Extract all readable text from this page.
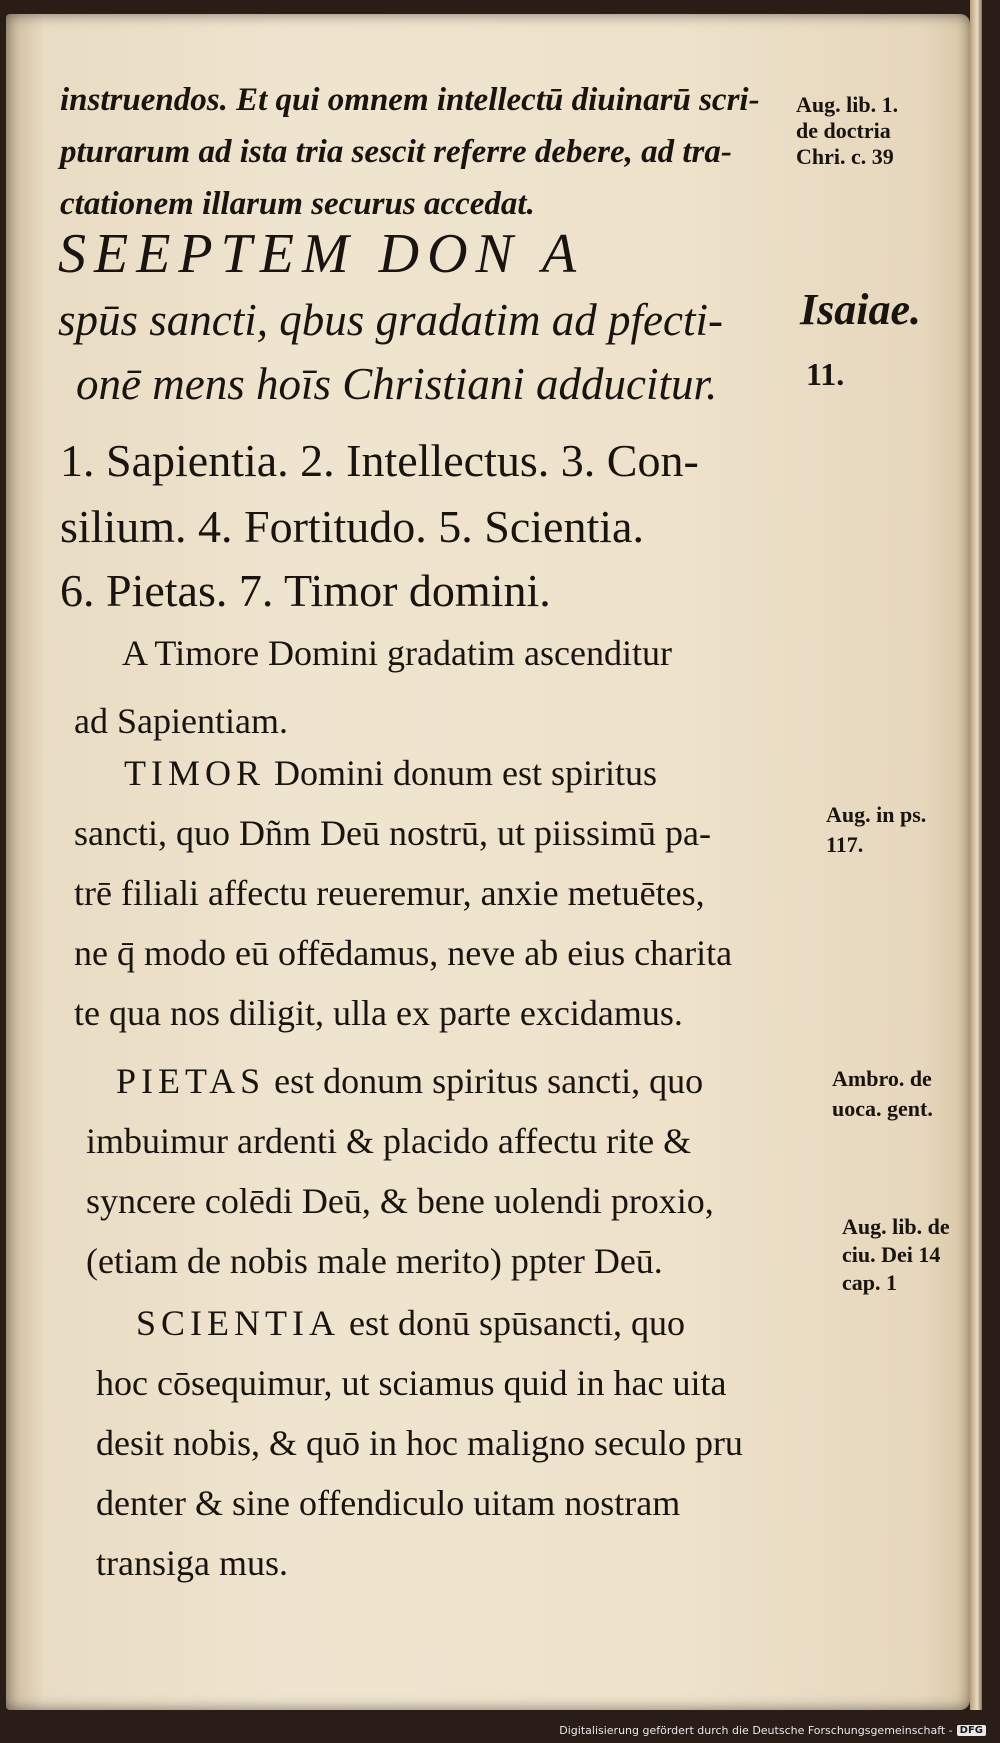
instruendos. Et qui omnem intellectū diuinarū scri-
pturarum ad ista tria sescit referre debere, ad tra-
ctationem illarum securus accedat.
Aug. lib. 1.
de doctria
Chri. c. 39
SEEPTEM DON A
spūs sancti, qbus gradatim ad pfecti-
onē mens hoīs Christiani adducitur.
Isaiae.
11.
1. Sapientia. 2. Intellectus. 3. Con-
silium. 4. Fortitudo. 5. Scientia.
6. Pietas. 7. Timor domini.
A Timore Domini gradatim ascenditur
ad Sapientiam.
TIMOR Domini donum est spiritus
sancti, quo Dñm Deū nostrū, ut piissimū pa-
trē filiali affectu reueremur, anxie metuētes,
ne q̄ modo eū offēdamus, neve ab eius charita
te qua nos diligit, ulla ex parte excidamus.
Aug. in ps.
117.
PIETAS est donum spiritus sancti, quo
imbuimur ardenti & placido affectu rite &
syncere colēdi Deū, & bene uolendi proxio,
(etiam de nobis male merito) ppter Deū.
Ambro. de
uoca. gent.
SCIENTIA est donū spūsancti, quo
hoc cōsequimur, ut sciamus quid in hac uita
desit nobis, & quō in hoc maligno seculo pru
denter & sine offendiculo uitam nostram
transiga mus.
Aug. lib. de
ciu. Dei 14
cap. 1
Digitalisierung gefördert durch die Deutsche Forschungsgemeinschaft - DFG
